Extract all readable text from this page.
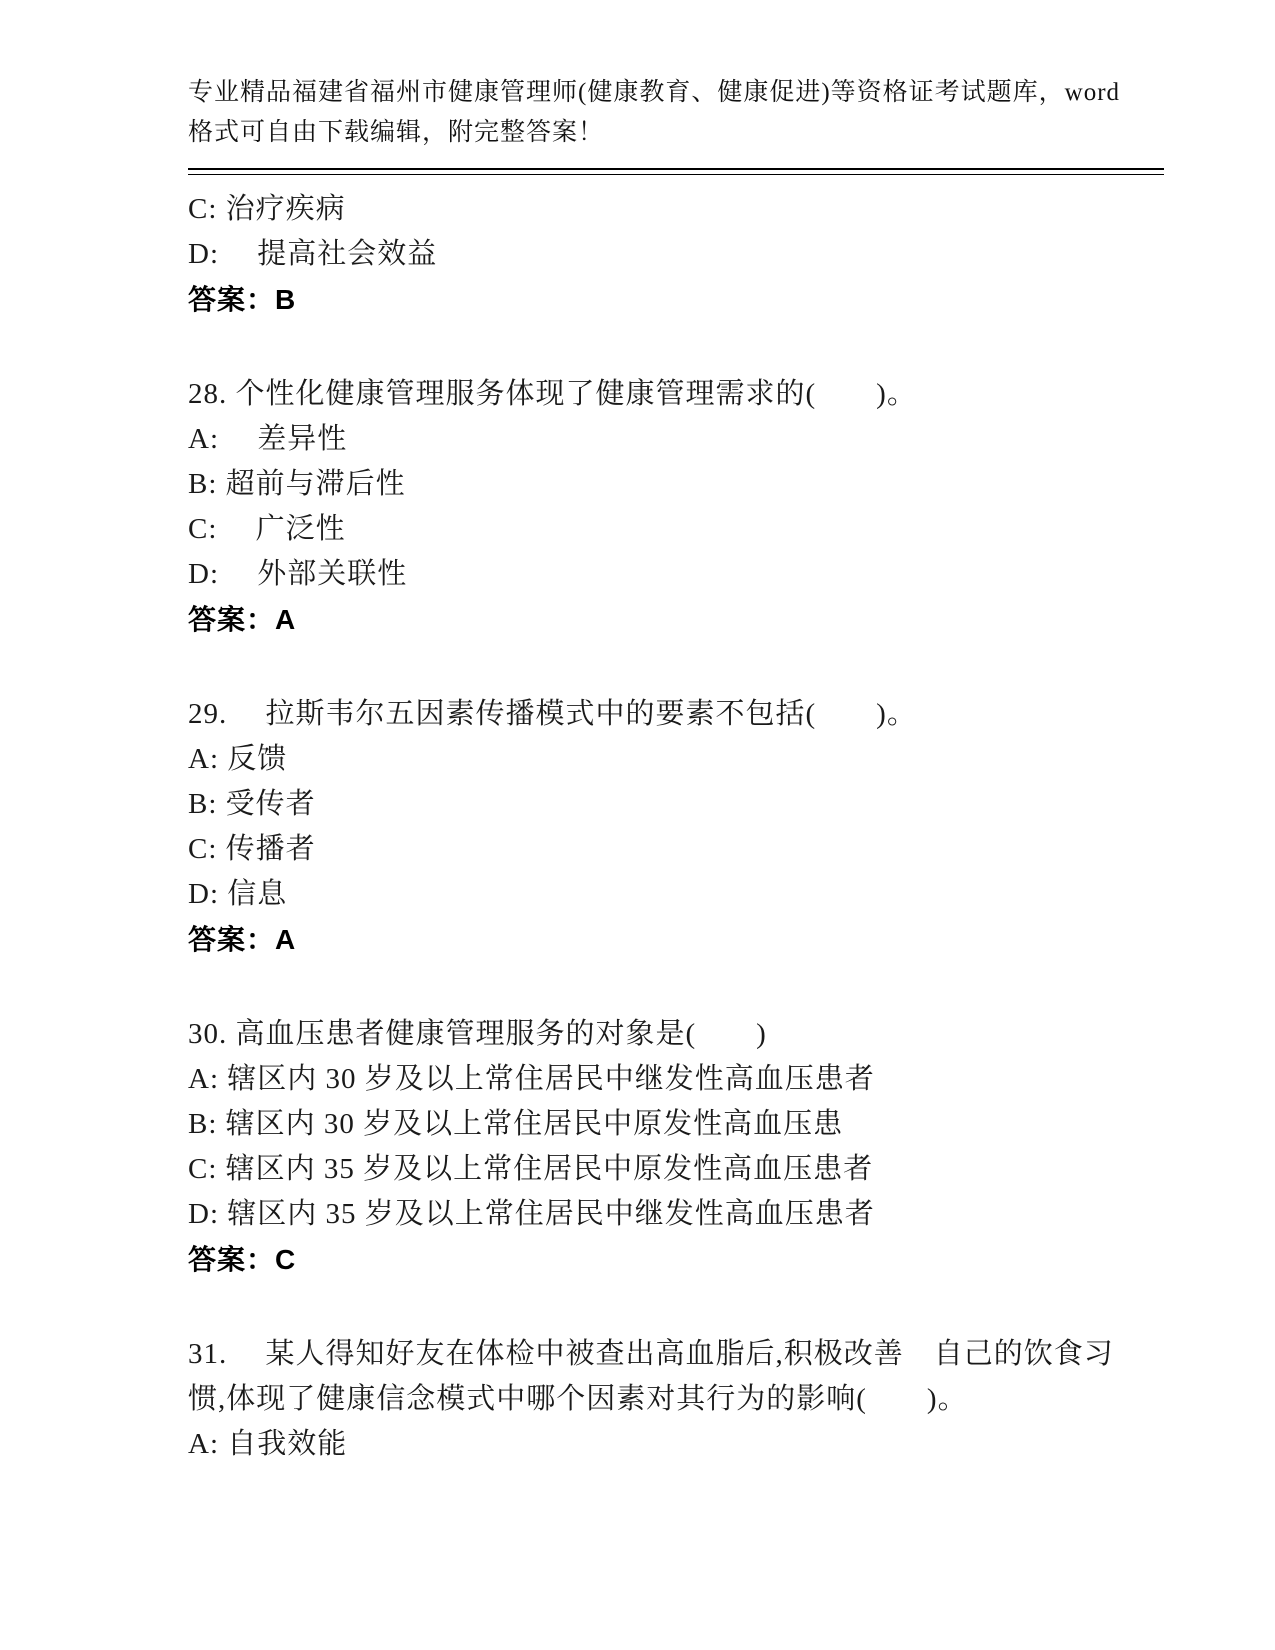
专业精品福建省福州市健康管理师(健康教育、健康促进)等资格证考试题库，word

格式可自由下载编辑，附完整答案！

C: 治疗疾病

D: 　提高社会效益

答案：B

28. 个性化健康管理服务体现了健康管理需求的(　　)。

A: 　差异性

B: 超前与滞后性

C: 　广泛性

D: 　外部关联性

答案：A

29. 　拉斯韦尔五因素传播模式中的要素不包括(　　)。

A: 反馈

B: 受传者

C: 传播者

D: 信息

答案：A

30. 高血压患者健康管理服务的对象是(　　)

A: 辖区内 30 岁及以上常住居民中继发性高血压患者

B: 辖区内 30 岁及以上常住居民中原发性高血压患

C: 辖区内 35 岁及以上常住居民中原发性高血压患者

D: 辖区内 35 岁及以上常住居民中继发性高血压患者

答案：C

31. 　某人得知好友在体检中被查出高血脂后,积极改善　自己的饮食习

惯,体现了健康信念模式中哪个因素对其行为的影响(　　)。

A: 自我效能
